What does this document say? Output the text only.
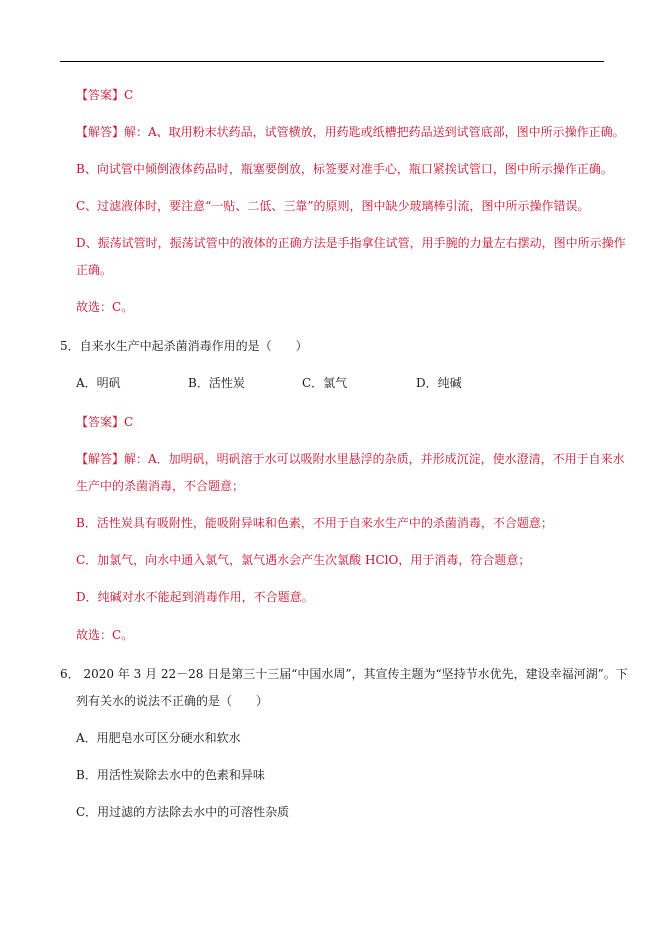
【答案】C
【解答】解：A、取用粉末状药品，试管横放，用药匙或纸槽把药品送到试管底部，图中所示操作正确。
B、向试管中倾倒液体药品时，瓶塞要倒放，标签要对准手心，瓶口紧挨试管口，图中所示操作正确。
C、过滤液体时，要注意“一贴、二低、三靠”的原则，图中缺少玻璃棒引流，图中所示操作错误。
D、振荡试管时，振荡试管中的液体的正确方法是手指拿住试管，用手腕的力量左右摆动，图中所示操作
正确。
故选：C。
5．自来水生产中起杀菌消毒作用的是（　　）
A．明矾	B．活性炭	C．氯气	D．纯碱
【答案】C
【解答】解：A．加明矾，明矾溶于水可以吸附水里悬浮的杂质，并形成沉淀，使水澄清，不用于自来水
生产中的杀菌消毒，不合题意；
B．活性炭具有吸附性，能吸附异味和色素，不用于自来水生产中的杀菌消毒，不合题意；
C．加氯气，向水中通入氯气，氯气遇水会产生次氯酸 HClO，用于消毒，符合题意；
D．纯碱对水不能起到消毒作用，不合题意。
故选：C。
6． 2020 年 3 月 22－28 日是第三十三届“中国水周”，其宣传主题为“坚持节水优先，建设幸福河湖”。下
列有关水的说法不正确的是（　　）
A．用肥皂水可区分硬水和软水
B．用活性炭除去水中的色素和异味
C．用过滤的方法除去水中的可溶性杂质
